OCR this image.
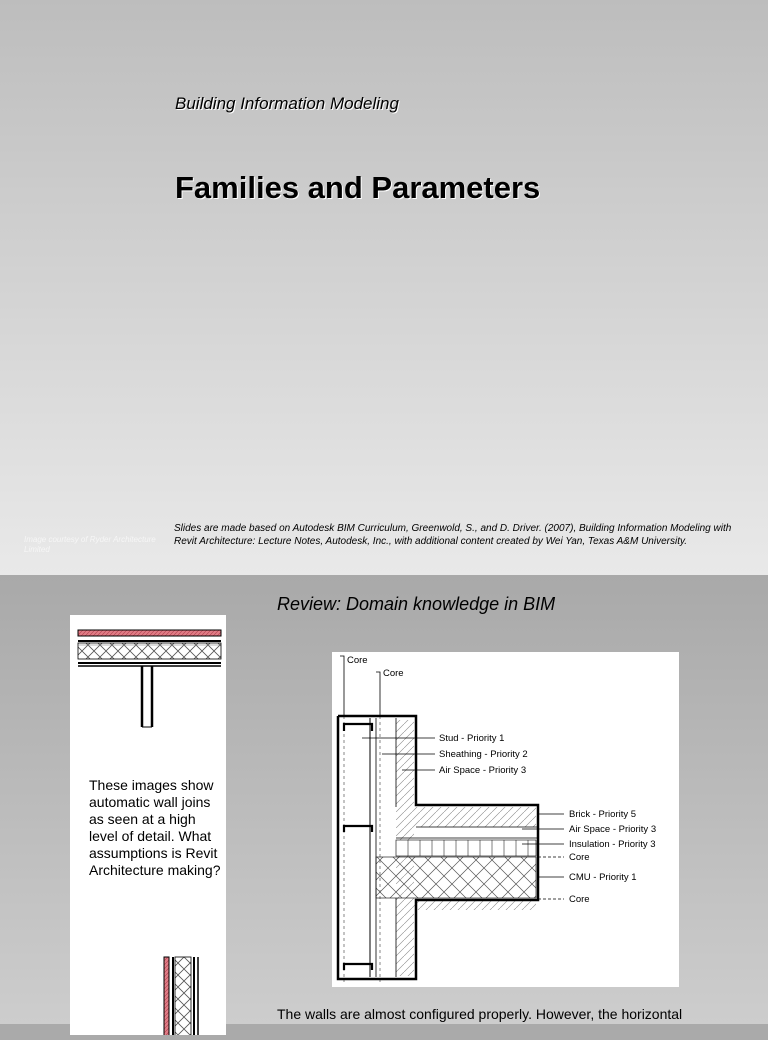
Building Information Modeling
Families and Parameters
Image courtesy of Ryder Architecture Limited
Slides are made based on Autodesk BIM Curriculum, Greenwold, S., and D. Driver. (2007), Building Information Modeling with Revit Architecture: Lecture Notes, Autodesk, Inc., with additional content created by Wei Yan, Texas A&M University.
Review: Domain knowledge in BIM
These images show automatic wall joins as seen at a high level of detail. What assumptions is Revit Architecture making?
Core
Core
Stud - Priority 1
Sheathing - Priority 2
Air Space - Priority 3
Brick - Priority 5
Air Space - Priority 3
Insulation - Priority 3
Core
CMU - Priority 1
Core
The walls are almost configured properly. However, the horizontal
